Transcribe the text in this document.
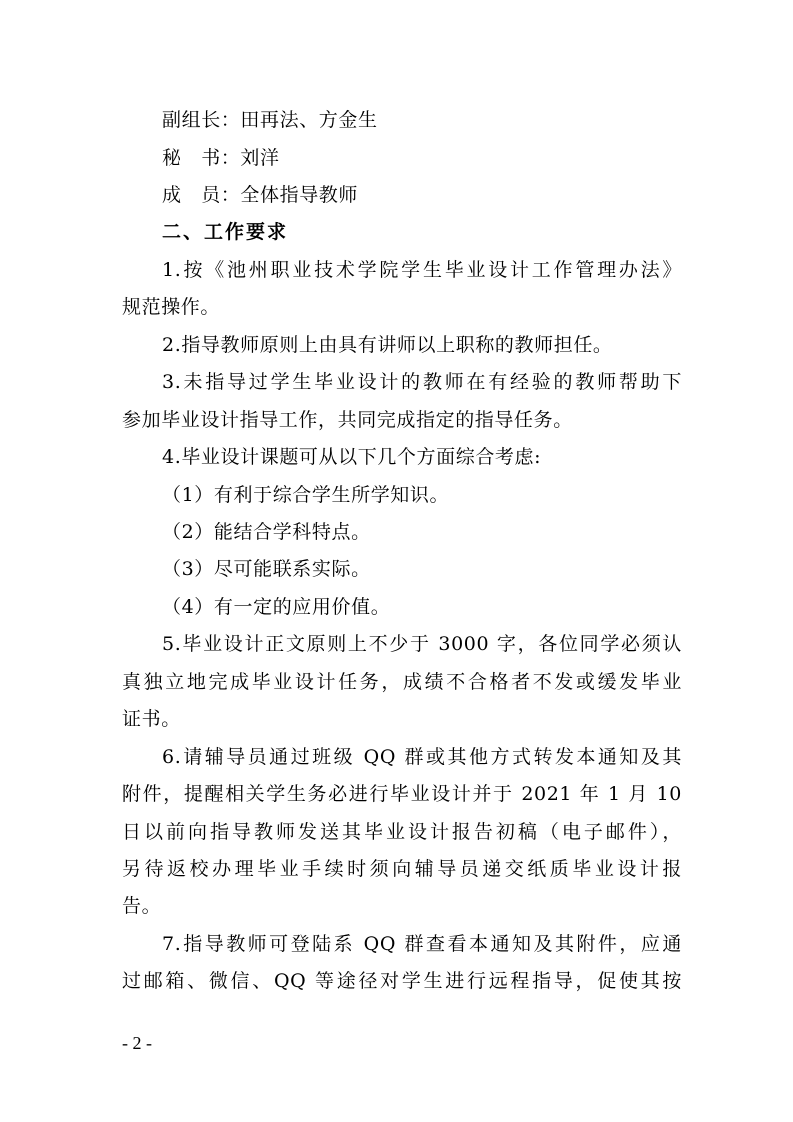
副组长：田再法、方金生
秘　书：刘洋
成　员：全体指导教师
二、工作要求
1.按《池州职业技术学院学生毕业设计工作管理办法》
规范操作。
2.指导教师原则上由具有讲师以上职称的教师担任。
3.未指导过学生毕业设计的教师在有经验的教师帮助下
参加毕业设计指导工作，共同完成指定的指导任务。
4.毕业设计课题可从以下几个方面综合考虑:
（1）有利于综合学生所学知识。
（2）能结合学科特点。
（3）尽可能联系实际。
（4）有一定的应用价值。
5.毕业设计正文原则上不少于 3000 字，各位同学必须认
真独立地完成毕业设计任务，成绩不合格者不发或缓发毕业
证书。
6.请辅导员通过班级 QQ 群或其他方式转发本通知及其
附件，提醒相关学生务必进行毕业设计并于 2021 年 1 月 10
日以前向指导教师发送其毕业设计报告初稿（电子邮件），
另待返校办理毕业手续时须向辅导员递交纸质毕业设计报
告。
7.指导教师可登陆系 QQ 群查看本通知及其附件，应通
过邮箱、微信、QQ 等途径对学生进行远程指导，促使其按
- 2 -
